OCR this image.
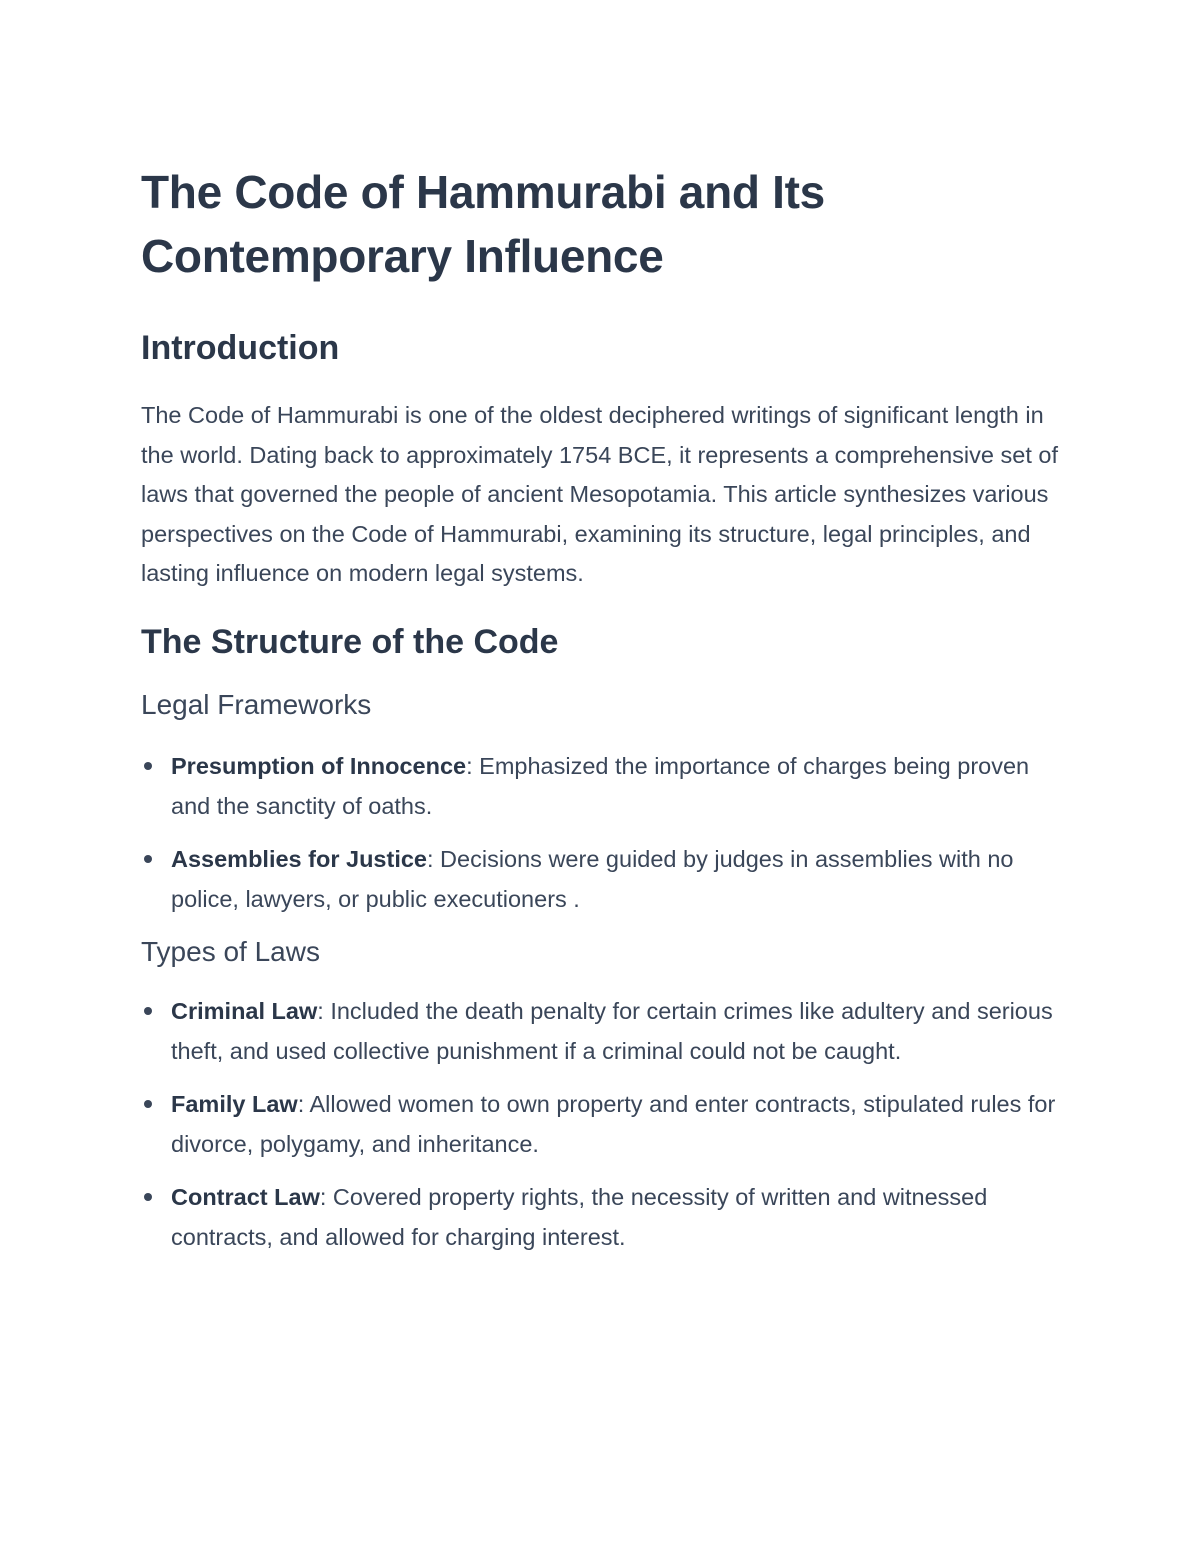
The Code of Hammurabi and Its
Contemporary Influence
Introduction

The Code of Hammurabi is one of the oldest deciphered writings of significant length in the world. Dating back to approximately 1754 BCE, it represents a comprehensive set of laws that governed the people of ancient Mesopotamia. This article synthesizes various perspectives on the Code of Hammurabi, examining its structure, legal principles, and lasting influence on modern legal systems.

The Structure of the Code
Legal Frameworks
Presumption of Innocence: Emphasized the importance of charges being proven and the sanctity of oaths.
Assemblies for Justice: Decisions were guided by judges in assemblies with no police, lawyers, or public executioners .
Types of Laws
Criminal Law: Included the death penalty for certain crimes like adultery and serious theft, and used collective punishment if a criminal could not be caught.
Family Law: Allowed women to own property and enter contracts, stipulated rules for divorce, polygamy, and inheritance.
Contract Law: Covered property rights, the necessity of written and witnessed contracts, and allowed for charging interest.
